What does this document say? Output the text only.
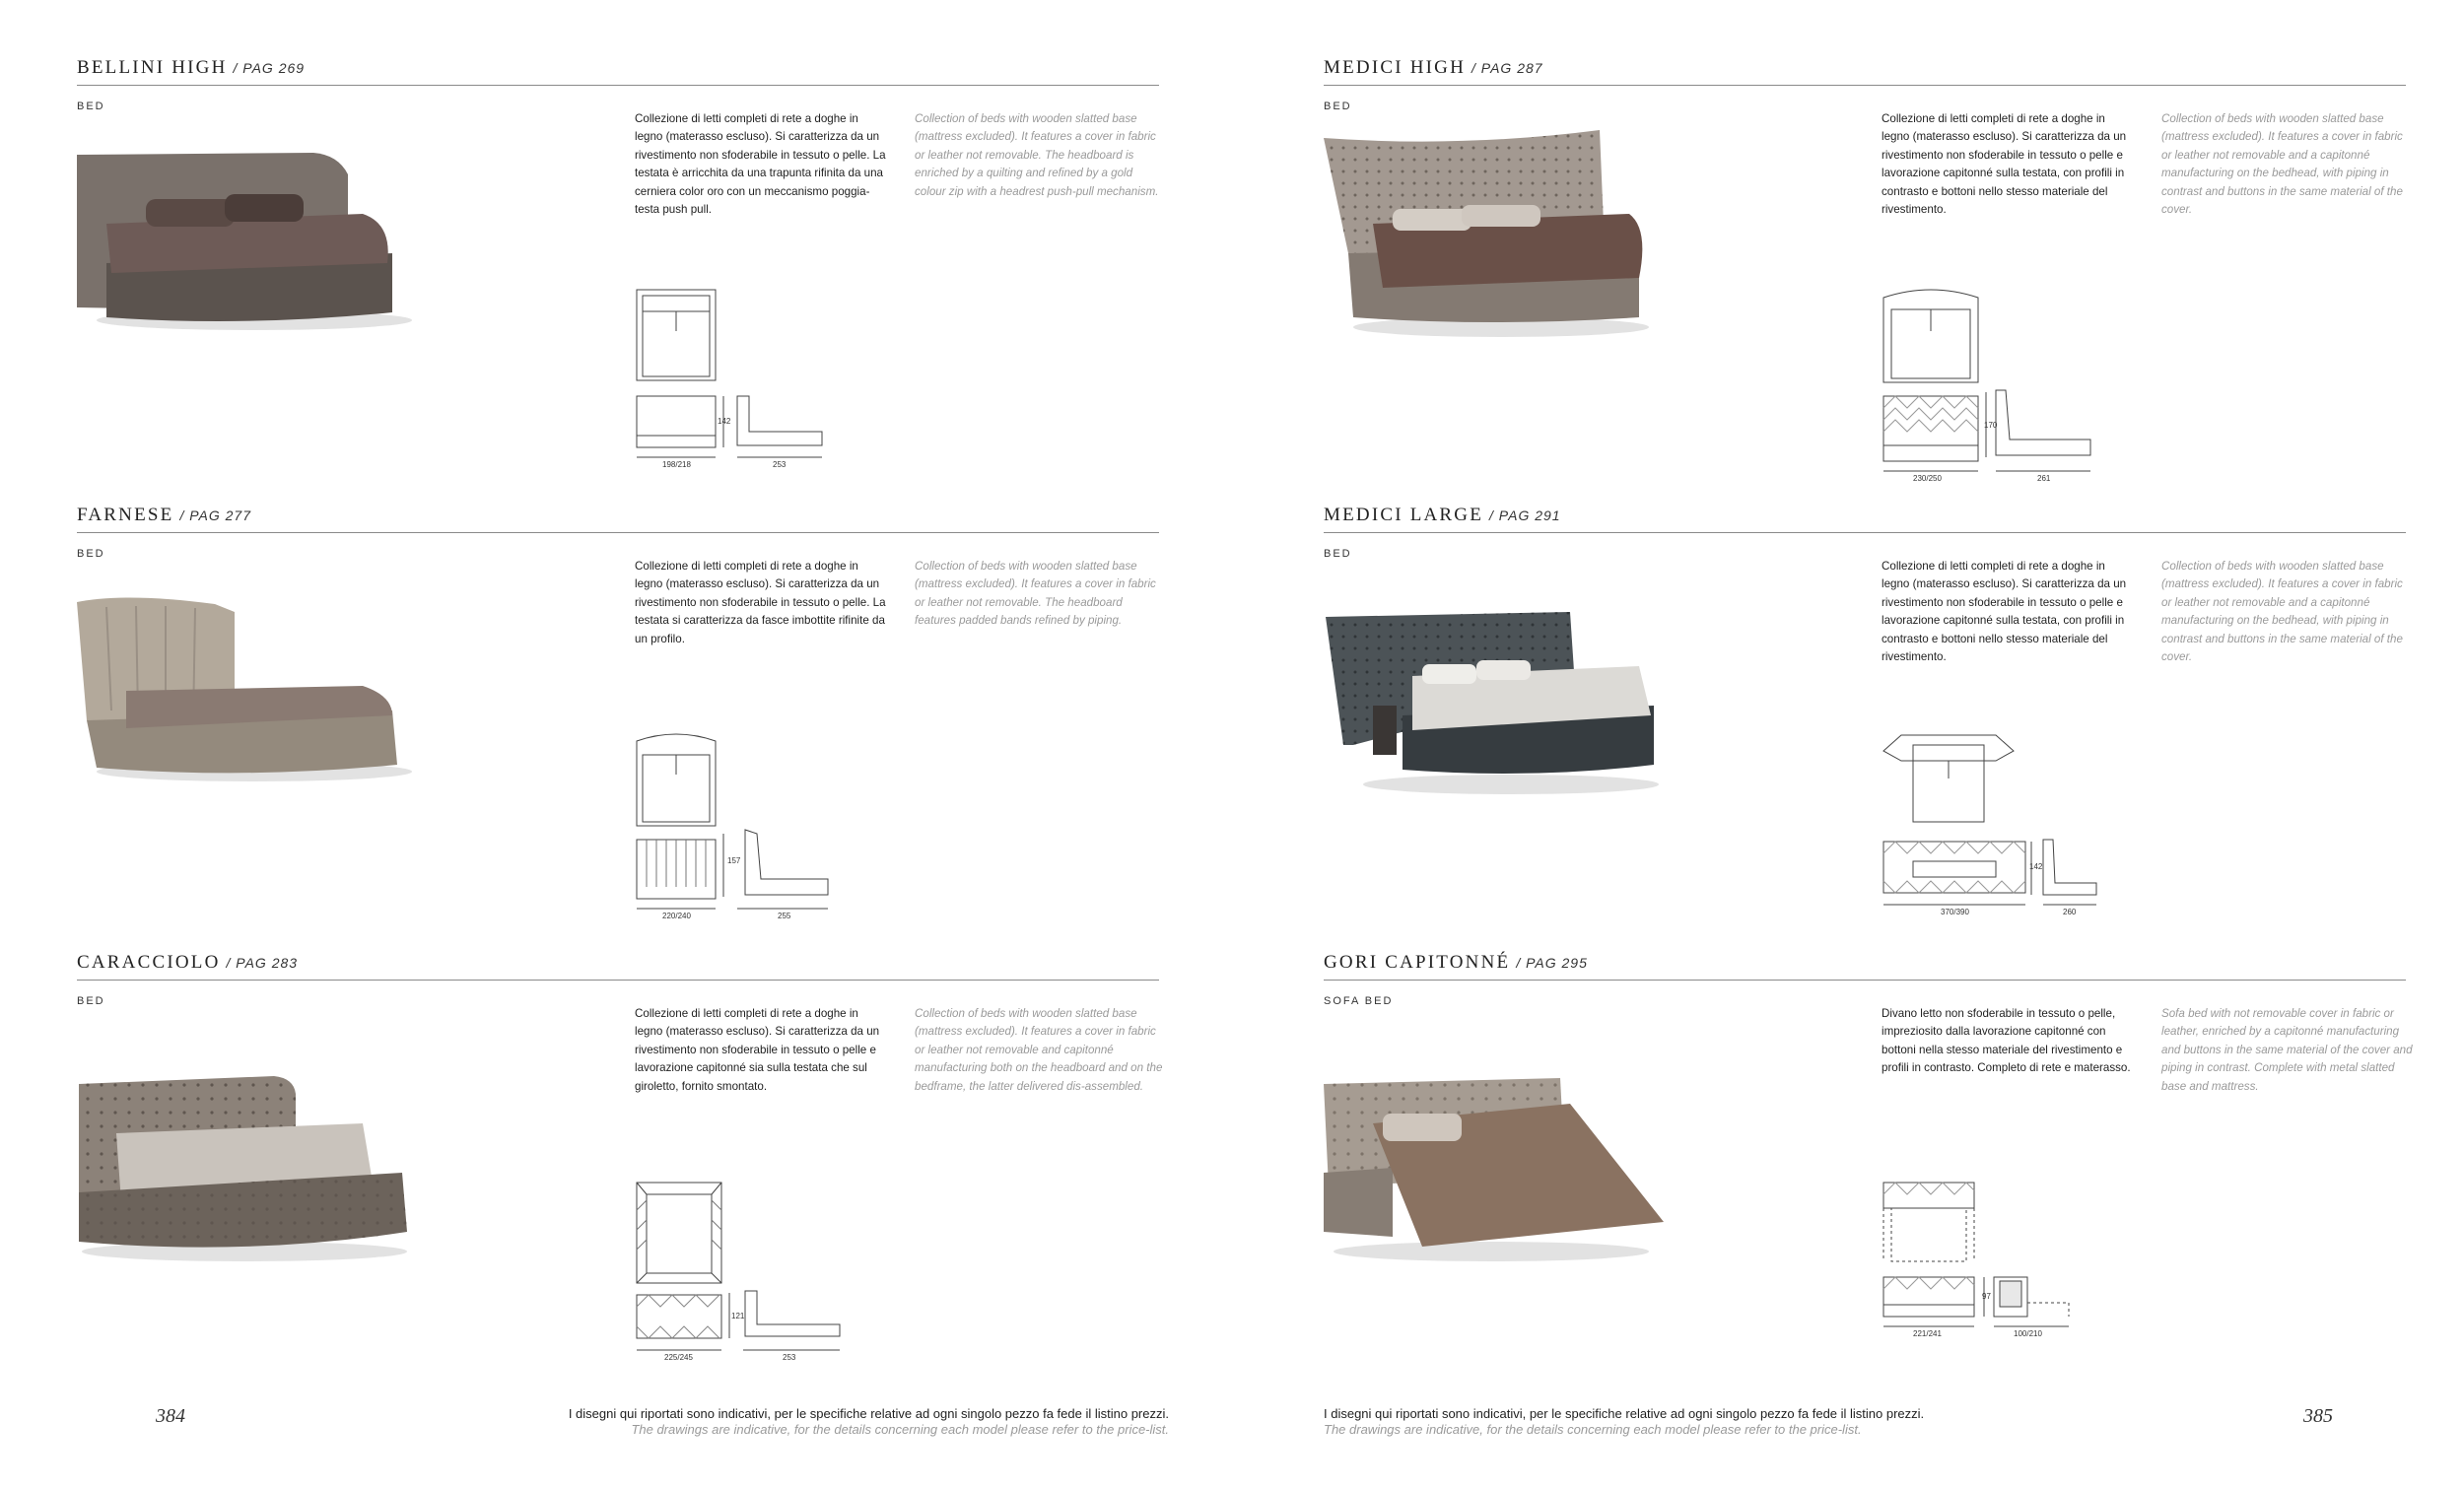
BELLINI HIGH / PAG 269
BED
Collezione di letti completi di rete a doghe in legno (materasso escluso). Si caratterizza da un rivestimento non sfoderabile in tessuto o pelle. La testata è arricchita da una trapunta rifinita da una cerniera color oro con un meccanismo poggia-testa push pull.
Collection of beds with wooden slatted base (mattress excluded). It features a cover in fabric or leather not removable. The headboard is enriched by a quilting and refined by a gold colour zip with a headrest push-pull mechanism.
198/218	253
142
FARNESE / PAG 277
BED
Collezione di letti completi di rete a doghe in legno (materasso escluso). Si caratterizza da un rivestimento non sfoderabile in tessuto o pelle. La testata si caratterizza da fasce imbottite rifinite da un profilo.
Collection of beds with wooden slatted base (mattress excluded). It features a cover in fabric or leather not removable. The headboard features padded bands refined by piping.
220/240	255
157
CARACCIOLO / PAG 283
BED
Collezione di letti completi di rete a doghe in legno (materasso escluso). Si caratterizza da un rivestimento non sfoderabile in tessuto o pelle e lavorazione capitonné sia sulla testata che sul giroletto, fornito smontato.
Collection of beds with wooden slatted base (mattress excluded). It features a cover in fabric or leather not removable and capitonné manufacturing both on the headboard and on the bedframe, the latter delivered dis-assembled.
225/245	253
121
384	I disegni qui riportati sono indicativi, per le specifiche relative ad ogni singolo pezzo fa fede il listino prezzi.
The drawings are indicative, for the details concerning each model please refer to the price-list.
MEDICI HIGH / PAG 287
BED
Collezione di letti completi di rete a doghe in legno (materasso escluso). Si caratterizza da un rivestimento non sfoderabile in tessuto o pelle e lavorazione capitonné sulla testata, con profili in contrasto e bottoni nello stesso materiale del rivestimento.
Collection of beds with wooden slatted base (mattress excluded). It features a cover in fabric or leather not removable and a capitonné manufacturing on the bedhead, with piping in contrast and buttons in the same material of the cover.
230/250	261
170
MEDICI LARGE / PAG 291
BED
Collezione di letti completi di rete a doghe in legno (materasso escluso). Si caratterizza da un rivestimento non sfoderabile in tessuto o pelle e lavorazione capitonné sulla testata, con profili in contrasto e bottoni nello stesso materiale del rivestimento.
Collection of beds with wooden slatted base (mattress excluded). It features a cover in fabric or leather not removable and a capitonné manufacturing on the bedhead, with piping in contrast and buttons in the same material of the cover.
370/390	260
142
GORI CAPITONNÉ / PAG 295
SOFA BED
Divano letto non sfoderabile in tessuto o pelle, impreziosito dalla lavorazione capitonné con bottoni nella stesso materiale del rivestimento e profili in contrasto. Completo di rete e materasso.
Sofa bed with not removable cover in fabric or leather, enriched by a capitonné manufacturing and buttons in the same material of the cover and piping in contrast. Complete with metal slatted base and mattress.
221/241	100/210
97
I disegni qui riportati sono indicativi, per le specifiche relative ad ogni singolo pezzo fa fede il listino prezzi.
The drawings are indicative, for the details concerning each model please refer to the price-list.
385
